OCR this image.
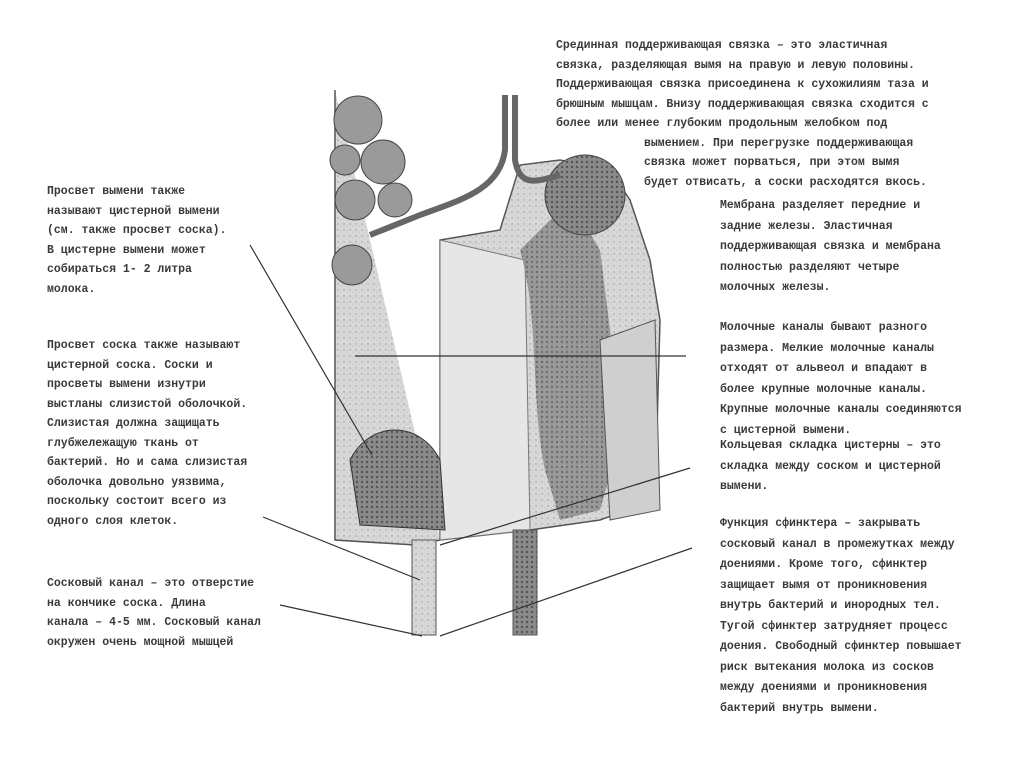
Срединная поддерживающая связка – это эластичная
связка, разделяющая вымя на правую и левую половины.
Поддерживающая связка присоединена к сухожилиям таза и
брюшным мышцам. Внизу поддерживающая связка сходится с
более или менее глубоким продольным желобком под
вымением. При перегрузке поддерживающая
связка может порваться, при этом вымя
будет отвисать, а соски расходятся вкось.
Просвет вымени также
называют цистерной вымени
(см. также просвет соска).
В цистерне вымени может
собираться 1- 2 литра
молока.
Просвет соска также называют
цистерной соска. Соски и
просветы вымени изнутри
выстланы слизистой оболочкой.
Слизистая должна защищать
глубжележащую ткань от
бактерий. Но и сама слизистая
оболочка довольно уязвима,
поскольку состоит всего из
одного слоя клеток.
Сосковый канал – это отверстие
на кончике соска. Длина
канала – 4-5 мм. Сосковый канал
окружен очень мощной мышцей
Мембрана разделяет передние и
задние железы. Эластичная
поддерживающая связка и мембрана
полностью разделяют четыре
молочных железы.
Молочные каналы бывают разного
размера. Мелкие молочные каналы
отходят от альвеол и впадают в
более крупные молочные каналы.
Крупные молочные каналы соединяются
с цистерной вымени.
Кольцевая складка цистерны – это
складка между соском и цистерной
вымени.
Функция сфинктера – закрывать
сосковый канал в промежутках между
доениями. Кроме того, сфинктер
защищает вымя от проникновения
внутрь бактерий и инородных тел.
Тугой сфинктер затрудняет процесс
доения. Свободный сфинктер повышает
риск вытекания молока из сосков
между доениями и проникновения
бактерий внутрь вымени.
